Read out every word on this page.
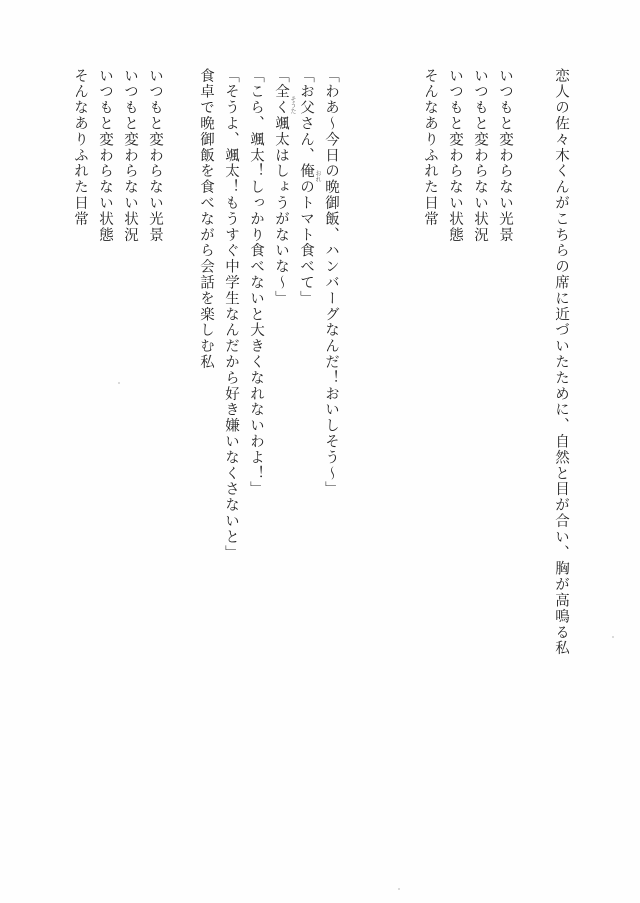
恋人の佐々木くんがこちらの席に近づいたために、自然と目が合い、胸が高鳴る私
いつもと変わらない光景
いつもと変わらない状況
いつもと変わらない状態
そんなありふれた日常
「わあ〜今日の晩御飯、ハンバーグなんだ！おいしそう〜」
「お父さん、俺のトマト食べて」 おれ
「全く颯太はしょうがないな〜」 そうた
「こら、颯太！しっかり食べないと大きくなれないわよ！」
「そうよ、颯太！もうすぐ中学生なんだから好き嫌いなくさないと」
食卓で晩御飯を食べながら会話を楽しむ私
いつもと変わらない光景
いつもと変わらない状況
いつもと変わらない状態
そんなありふれた日常
